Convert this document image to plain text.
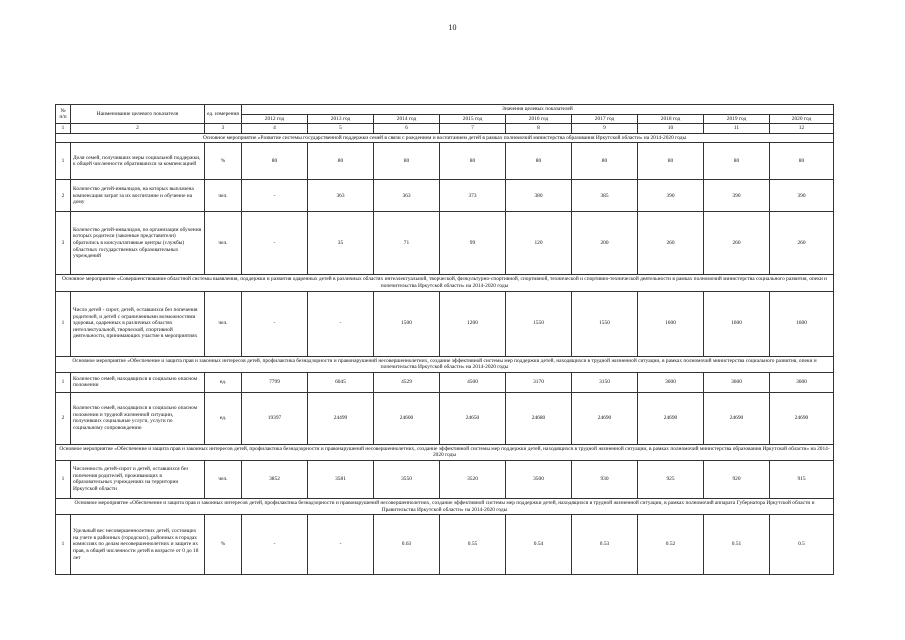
10
№ п/п	Наименование целевого показателя	ед. измерения	Значения целевых показателей								
			2012 год	2013 год	2014 год	2015 год	2016 год	2017 год	2018 год	2019 год	2020 год
1	2	3	4	5	6	7	8	9	10	11	12
Основное мероприятие «Развитие системы государственной поддержки семей в связи с рождением и воспитанием детей в рамках полномочий министерства образования Иркутской области» на 2014-2020 годы											
1	Доля семей, получивших меры социальной поддержки, к общей численности обратившихся за компенсацией	%	80	80	80	80	80	80	80	80	80
2	Количество детей-инвалидов, на которых выплачена компенсация затрат за их воспитание и обучение на дому	чел.	-	363	363	373	380	385	390	390	390
3	Количество детей-инвалидов, по организации обучения которых родители (законные представители) обратились в консультативные центры (службы) областных государственных образовательных учреждений	чел.	-	35	71	99	120	200	260	260	260
Основное мероприятие «Совершенствование областной системы выявления, поддержки и развития одаренных детей в различных областях интеллектуальной, творческой, физкультурно-спортивной, спортивной, технической и спортивно-технической деятельности в рамках полномочий министерства социального развития, опеки и попечительства Иркутской области» на 2014-2020 годы											
1	Число детей - сирот, детей, оставшихся без попечения родителей, и детей с ограниченными возможностями здоровья, одаренных в различных областях интеллектуальной, творческой, спортивной деятельности, принимающих участие в мероприятиях	чел.	-	-	1500	1200	1550	1550	1600	1600	1600
Основное мероприятие «Обеспечение и защита прав и законных интересов детей, профилактика безнадзорности и правонарушений несовершеннолетних, создание эффективной системы мер поддержки детей, находящихся в трудной жизненной ситуации, в рамках полномочий министерства социального развития, опеки и попечительства Иркутской области» на 2014-2020 годы											
1	Количество семей, находящихся в социально опасном положении	ед.	7799	6045	4529	4500	3170	3150	3600	3600	3600
2	Количество семей, находящихся в социально опасном положении и трудной жизненной ситуации, получивших социальные услуги, услуги по социальному сопровождению	ед.	19397	24499	24600	24650	24680	24690	24690	24690	24690
Основное мероприятие «Обеспечение и защита прав и законных интересов детей, профилактика безнадзорности и правонарушений несовершеннолетних, создание эффективной системы мер поддержки детей, находящихся в трудной жизненной ситуации, в рамках полномочий министерства образования Иркутской области» на 2014-2020 годы											
1	Численность детей-сирот и детей, оставшихся без попечения родителей, проживающих в образовательных учреждениях на территории Иркутской области	чел.	3852	3581	3550	3520	3500	930	925	920	915
Основное мероприятие «Обеспечение и защита прав и законных интересов детей, профилактика безнадзорности и правонарушений несовершеннолетних, создание эффективной системы мер поддержки детей, находящихся в трудной жизненной ситуации, в рамках полномочий аппарата Губернатора Иркутской области и Правительства Иркутской области» на 2014-2020 годы											
1	Удельный вес несовершеннолетних детей, состоящих на учете в районных (городских), районных в городах комиссиях по делам несовершеннолетних и защите их прав, в общей численности детей в возрасте от 0 до 18 лет	%	-	-	0.63	0.55	0.54	0.53	0.52	0.51	0.5
